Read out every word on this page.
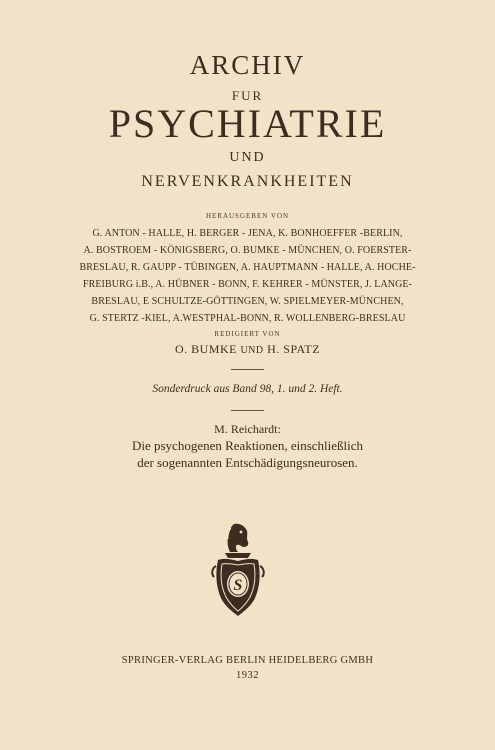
ARCHIV
FUR
PSYCHIATRIE
UND
NERVENKRANKHEITEN
HERAUSGEBEN VON
G. ANTON - HALLE, H. BERGER - JENA, K. BONHOEFFER -BERLIN,
A. BOSTROEM - KÖNIGSBERG, O. BUMKE - MÜNCHEN, O. FOERSTER-
BRESLAU, R. GAUPP - TÜBINGEN, A. HAUPTMANN - HALLE, A. HOCHE-
FREIBURG i.B., A. HÜBNER - BONN, F. KEHRER - MÜNSTER, J. LANGE-
BRESLAU, E SCHULTZE-GÖTTINGEN, W. SPIELMEYER-MÜNCHEN,
G. STERTZ -KIEL, A.WESTPHAL-BONN, R. WOLLENBERG-BRESLAU
REDIGIERT VON
O. BUMKE UND H. SPATZ
Sonderdruck aus Band 98, 1. und 2. Heft.
M. Reichardt:
Die psychogenen Reaktionen, einschließlich
der sogenannten Entschädigungsneurosen.
S
SPRINGER-VERLAG BERLIN HEIDELBERG GMBH
1932
